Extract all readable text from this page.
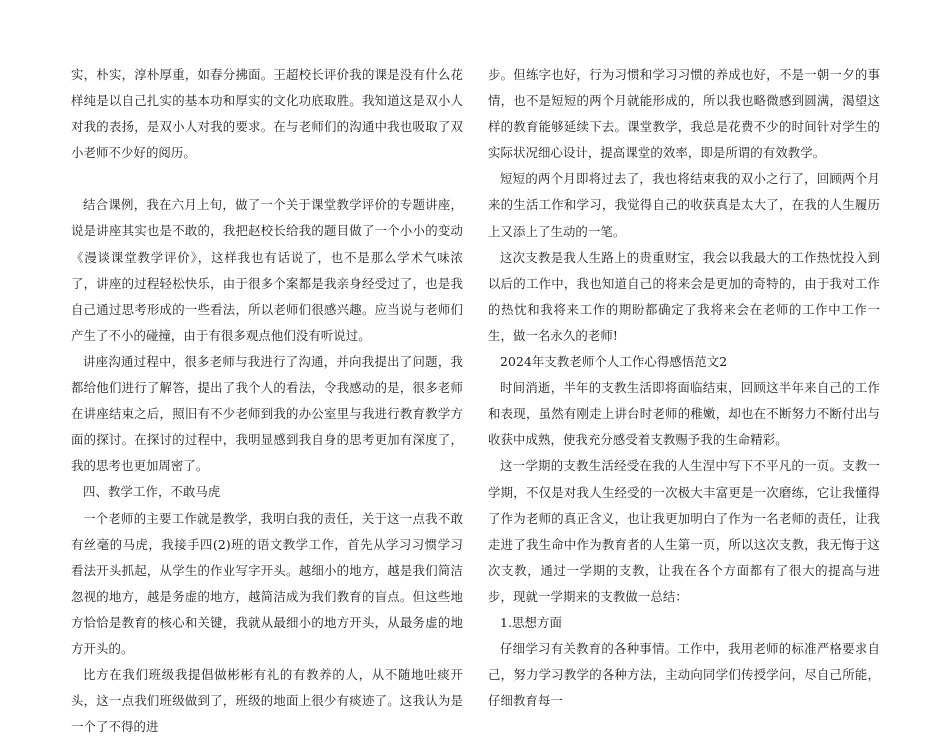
实，朴实，淳朴厚重，如春分拂面。王超校长评价我的课是没有什么花样纯是以自己扎实的基本功和厚实的文化功底取胜。我知道这是双小人对我的表扬，是双小人对我的要求。在与老师们的沟通中我也吸取了双小老师不少好的阅历。

结合课例，我在六月上旬，做了一个关于课堂教学评价的专题讲座，说是讲座其实也是不敢的，我把赵校长给我的题目做了一个小小的变动《漫谈课堂教学评价》，这样我也有话说了，也不是那么学术气味浓了，讲座的过程轻松快乐，由于很多个案都是我亲身经受过了，也是我自己通过思考形成的一些看法，所以老师们很感兴趣。应当说与老师们产生了不小的碰撞，由于有很多观点他们没有听说过。

讲座沟通过程中，很多老师与我进行了沟通，并向我提出了问题，我都给他们进行了解答，提出了我个人的看法，令我感动的是，很多老师在讲座结束之后，照旧有不少老师到我的办公室里与我进行教育教学方面的探讨。在探讨的过程中，我明显感到我自身的思考更加有深度了，我的思考也更加周密了。

四、教学工作，不敢马虎

一个老师的主要工作就是教学，我明白我的责任，关于这一点我不敢有丝毫的马虎，我接手四(2)班的语文教学工作，首先从学习习惯学习看法开头抓起，从学生的作业写字开头。越细小的地方，越是我们简洁忽视的地方，越是务虚的地方，越简洁成为我们教育的盲点。但这些地方恰恰是教育的核心和关键，我就从最细小的地方开头，从最务虚的地方开头的。

比方在我们班级我提倡做彬彬有礼的有教养的人，从不随地吐痰开头，这一点我们班级做到了，班级的地面上很少有痰迹了。这我认为是一个了不得的进

步。但练字也好，行为习惯和学习习惯的养成也好，不是一朝一夕的事情，也不是短短的两个月就能形成的，所以我也略微感到圆满，渴望这样的教育能够延续下去。课堂教学，我总是花费不少的时间针对学生的实际状况细心设计，提高课堂的效率，即是所谓的有效教学。

短短的两个月即将过去了，我也将结束我的双小之行了，回顾两个月来的生活工作和学习，我觉得自己的收获真是太大了，在我的人生履历上又添上了生动的一笔。

这次支教是我人生路上的贵重财宝，我会以我最大的工作热忱投入到以后的工作中，我也知道自己的将来会是更加的奇特的，由于我对工作的热忱和我将来工作的期盼都确定了我将来会在老师的工作中工作一生，做一名永久的老师!

2024年支教老师个人工作心得感悟范文2

时间消逝，半年的支教生活即将面临结束，回顾这半年来自己的工作和表现，虽然有刚走上讲台时老师的稚嫩，却也在不断努力不断付出与收获中成熟，使我充分感受着支教赐予我的生命精彩。

这一学期的支教生活经受在我的人生涅中写下不平凡的一页。支教一学期，不仅是对我人生经受的一次极大丰富更是一次磨练，它让我懂得了作为老师的真正含义，也让我更加明白了作为一名老师的责任，让我走进了我生命中作为教育者的人生第一页，所以这次支教，我无悔于这次支教，通过一学期的支教，让我在各个方面都有了很大的提高与进步，现就一学期来的支教做一总结：

1.思想方面

仔细学习有关教育的各种事情。工作中，我用老师的标准严格要求自己，努力学习教学的各种方法，主动向同学们传授学问，尽自己所能，仔细教育每一
